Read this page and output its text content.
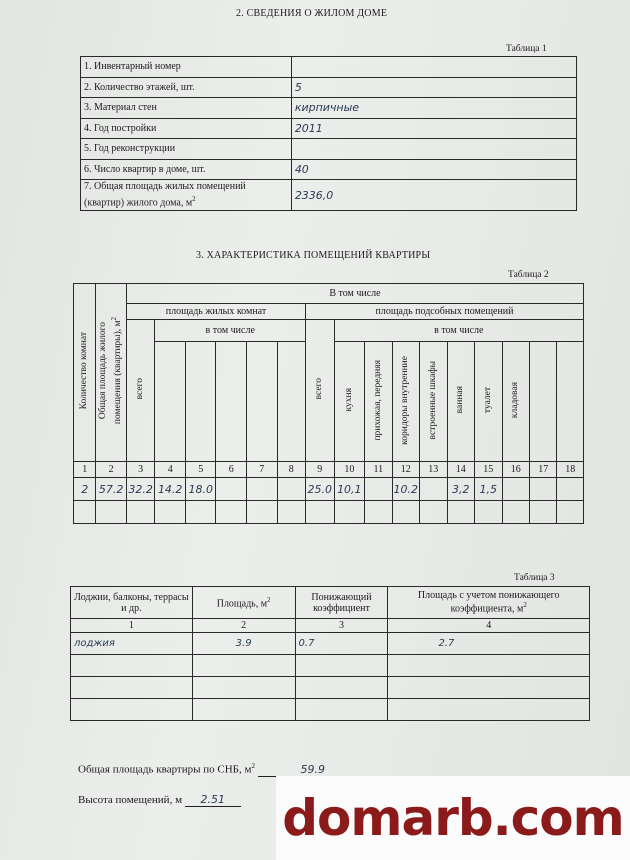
2. СВЕДЕНИЯ О ЖИЛОМ ДОМЕ
Таблица 1
1. Инвентарный номер	
2. Количество этажей, шт.	5
3. Материал стен	кирпичные
4. Год постройки	2011
5. Год реконструкции	
6. Число квартир в доме, шт.	40
7. Общая площадь жилых помещений (квартир) жилого дома, $м^2$	2336,0
3. ХАРАКТЕРИСТИКА ПОМЕЩЕНИЙ КВАРТИРЫ
Таблица 2
Количество комнат	Общая площадь жилого помещения (квартиры), $м^2$	В том числе															
		площадь жилых комнат						площадь подсобных помещений									
		всего	в том числе					всего	в том числе								
									кухня	прихожая, передняя	коридоры внутренние	встроенные шкафы	ванная	туалет	кладовая		
1	2	3	4	5	6	7	8	9	10	11	12	13	14	15	16	17	18
2	57.2	32.2	14.2	18.0				25.0	10,1		10.2		3,2	1,5			

Таблица 3
Лоджии, балконы, террасы и др.	Площадь, $м^2$	Понижающий коэффициент	Площадь с учетом понижающего коэффициента, $м^2$
1	2	3	4
лоджия	3.9	0.7	2.7

Общая площадь квартиры по СНБ, $м^2$	59.9
Высота помещений, м 2.51	domarb.com
